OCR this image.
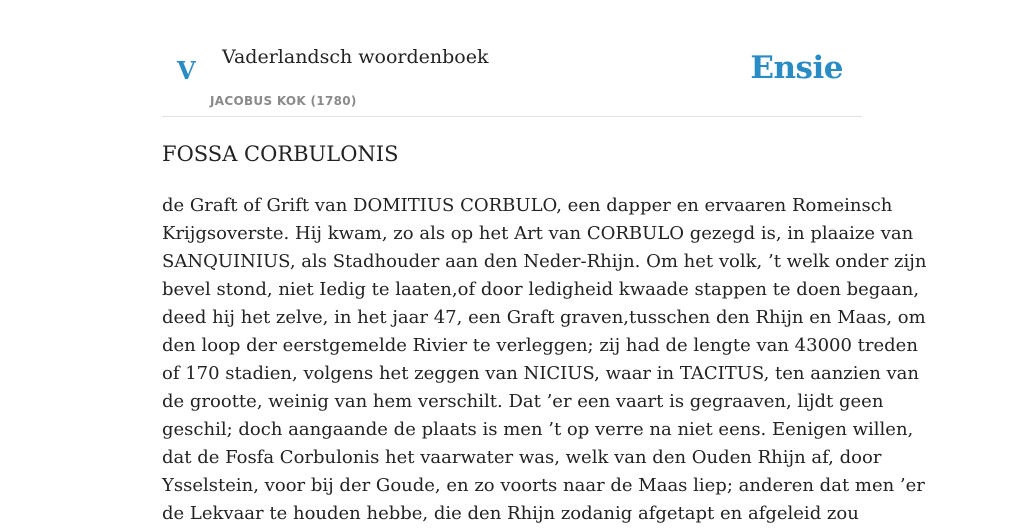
V Vaderlandsch woordenboek
JACOBUS KOK (1780)
Ensie
FOSSA CORBULONIS
de Graft of Grift van DOMITIUS CORBULO, een dapper en ervaaren Romeinsch
Krijgsoverste. Hij kwam, zo als op het Art van CORBULO gezegd is, in plaaize van
SANQUINIUS, als Stadhouder aan den Neder-Rhijn. Om het volk, ’t welk onder zijn
bevel stond, niet Iedig te laaten,of door ledigheid kwaade stappen te doen begaan,
deed hij het zelve, in het jaar 47, een Graft graven,tusschen den Rhijn en Maas, om
den loop der eerstgemelde Rivier te verleggen; zij had de lengte van 43000 treden
of 170 stadien, volgens het zeggen van NICIUS, waar in TACITUS, ten aanzien van
de grootte, weinig van hem verschilt. Dat ’er een vaart is gegraaven, lijdt geen
geschil; doch aangaande de plaats is men ’t op verre na niet eens. Eenigen willen,
dat de Fosfa Corbulonis het vaarwater was, welk van den Ouden Rhijn af, door
Ysselstein, voor bij der Goude, en zo voorts naar de Maas liep; anderen dat men ’er
de Lekvaar te houden hebbe, die den Rhijn zodanig afgetapt en afgeleid zou
